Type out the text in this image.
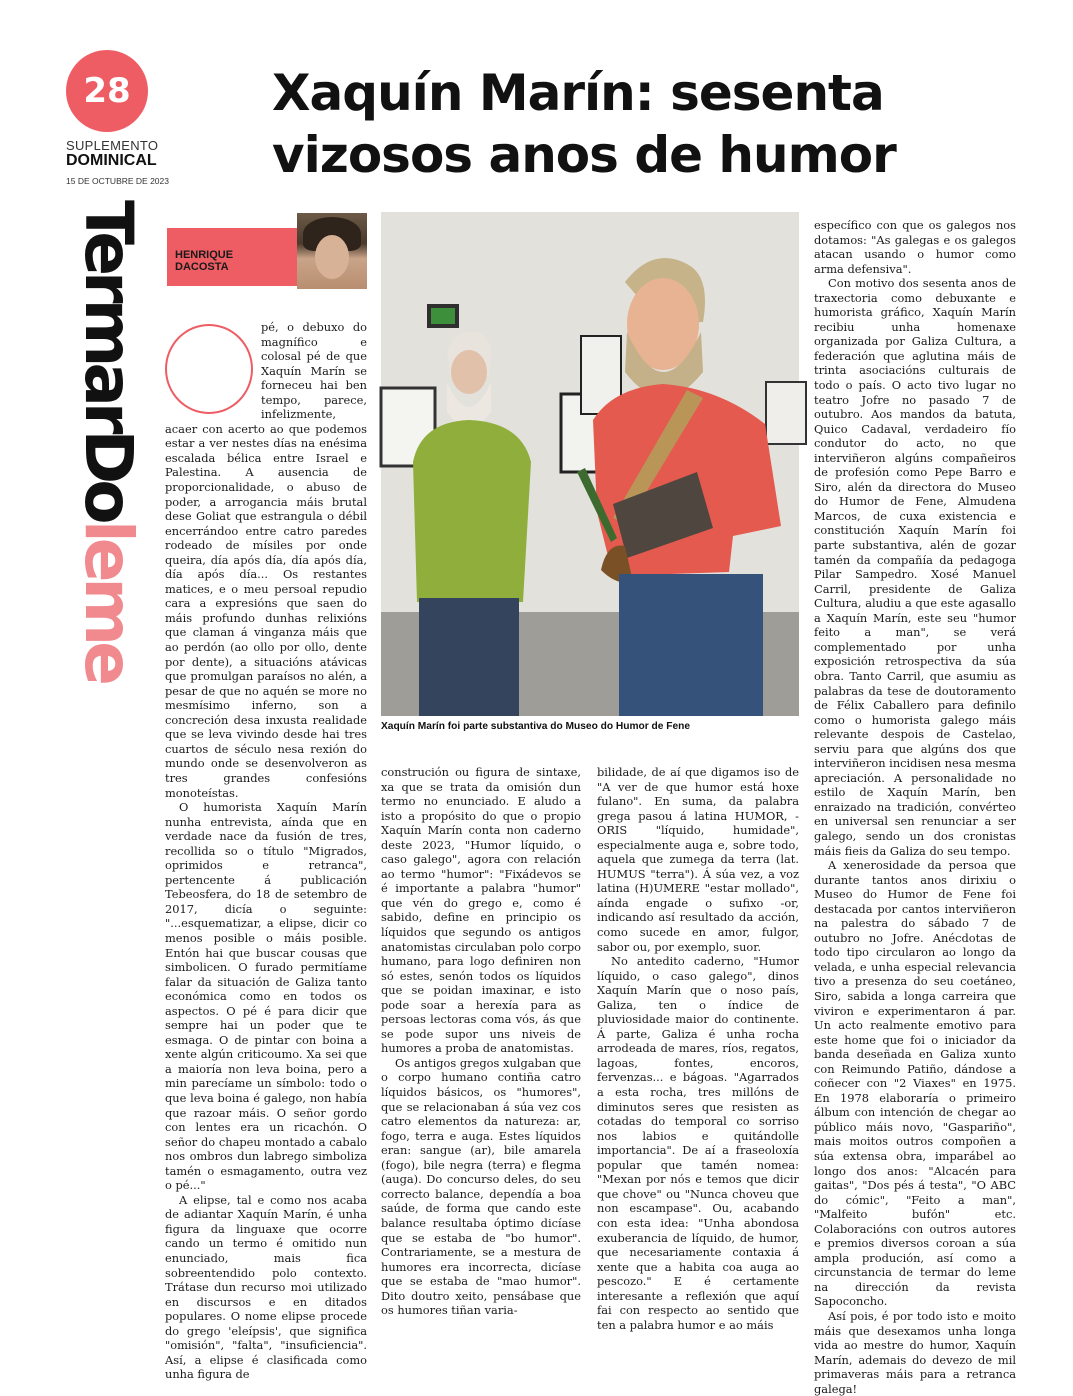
28
SUPLEMENTO
DOMINICAL
15 DE OCTUBRE DE 2023
Xaquín Marín: sesenta
vizosos anos de humor
TermarDo
leme
HENRIQUE
DACOSTA

pé, o debuxo do magnífico e colosal pé de que Xaquín Marín se forneceu hai ben tempo, parece, infelizmente, acaer con acerto ao que podemos estar a ver nestes días na enésima escalada bélica entre Israel e Palestina. A ausencia de proporcionalidade, o abuso de poder, a arrogancia máis brutal dese Goliat que estrangula o débil encerrándoo entre catro paredes rodeado de mísiles por onde queira, día após día, día após día, día após día... Os restantes matices, e o meu persoal repudio cara a expresións que saen do máis profundo dunhas relixións que claman á vinganza máis que ao perdón (ao ollo por ollo, dente por dente), a situacións atávicas que promulgan paraísos no alén, a pesar de que no aquén se more no mesmísimo inferno, son a concreción desa inxusta realidade que se leva vivindo desde hai tres cuartos de século nesa rexión do mundo onde se desenvolveron as tres grandes confesións monoteístas.

O humorista Xaquín Marín nunha entrevista, aínda que en verdade nace da fusión de tres, recollida so o título "Migrados, oprimidos e retranca", pertencente á publicación Tebeosfera, do 18 de setembro de 2017, dicía o seguinte: "...esquematizar, a elipse, dicir co menos posible o máis posible. Entón hai que buscar cousas que simbolicen. O furado permitíame falar da situación de Galiza tanto económica como en todos os aspectos. O pé é para dicir que sempre hai un poder que te esmaga. O de pintar con boina a xente algún criticoumo. Xa sei que a maioría non leva boina, pero a min parecíame un símbolo: todo o que leva boina é galego, non había que razoar máis. O señor gordo con lentes era un ricachón. O señor do chapeu montado a cabalo nos ombros dun labrego simboliza tamén o esmagamento, outra vez o pé..."

A elipse, tal e como nos acaba de adiantar Xaquín Marín, é unha figura da linguaxe que ocorre cando un termo é omitido nun enunciado, mais fica sobreentendido polo contexto. Trátase dun recurso moi utilizado en discursos e en ditados populares. O nome elipse procede do grego 'eleípsis', que significa "omisión", "falta", "insuficiencia". Así, a elipse é clasificada como unha figura de

Xaquín Marín foi parte substantiva do Museo do Humor de Fene

construción ou figura de sintaxe, xa que se trata da omisión dun termo no enunciado. E aludo a isto a propósito do que o propio Xaquín Marín conta non caderno deste 2023, "Humor líquido, o caso galego", agora con relación ao termo "humor": "Fixádevos se é importante a palabra "humor" que vén do grego e, como é sabido, define en principio os líquidos que segundo os antigos anatomistas circulaban polo corpo humano, para logo definiren non só estes, senón todos os líquidos que se poidan imaxinar, e isto pode soar a herexía para as persoas lectoras coma vós, ás que se pode supor uns niveis de humores a proba de anatomistas.

Os antigos gregos xulgaban que o corpo humano contiña catro líquidos básicos, os "humores", que se relacionaban á súa vez cos catro elementos da natureza: ar, fogo, terra e auga. Estes líquidos eran: sangue (ar), bile amarela (fogo), bile negra (terra) e flegma (auga). Do concurso deles, do seu correcto balance, dependía a boa saúde, de forma que cando este balance resultaba óptimo dicíase que se estaba de "bo humor". Contrariamente, se a mestura de humores era incorrecta, dicíase que se estaba de "mao humor". Dito doutro xeito, pensábase que os humores tiñan varia-

bilidade, de aí que digamos iso de "A ver de que humor está hoxe fulano". En suma, da palabra grega pasou á latina HUMOR, -ORIS "líquido, humidade", especialmente auga e, sobre todo, aquela que zumega da terra (lat. HUMUS "terra"). Á súa vez, a voz latina (H)UMERE "estar mollado", aínda engade o sufixo -or, indicando así resultado da acción, como sucede en amor, fulgor, sabor ou, por exemplo, suor.

No antedito caderno, "Humor líquido, o caso galego", dinos Xaquín Marín que o noso país, Galiza, ten o índice de pluviosidade maior do continente. Á parte, Galiza é unha rocha arrodeada de mares, ríos, regatos, lagoas, fontes, encoros, fervenzas... e bágoas. "Agarrados a esta rocha, tres millóns de diminutos seres que resisten as cotadas do temporal co sorriso nos labios e quitándolle importancia". De aí a fraseoloxía popular que tamén nomea: "Mexan por nós e temos que dicir que chove" ou "Nunca choveu que non escampase". Ou, acabando con esta idea: "Unha abondosa exuberancia de líquido, de humor, que necesariamente contaxia á xente que a habita coa auga ao pescozo." E é certamente interesante a reflexión que aquí fai con respecto ao sentido que ten a palabra humor e ao máis

específico con que os galegos nos dotamos: "As galegas e os galegos atacan usando o humor como arma defensiva".

Con motivo dos sesenta anos de traxectoria como debuxante e humorista gráfico, Xaquín Marín recibiu unha homenaxe organizada por Galiza Cultura, a federación que aglutina máis de trinta asociacións culturais de todo o país. O acto tivo lugar no teatro Jofre no pasado 7 de outubro. Aos mandos da batuta, Quico Cadaval, verdadeiro fío condutor do acto, no que interviñeron algúns compañeiros de profesión como Pepe Barro e Siro, alén da directora do Museo do Humor de Fene, Almudena Marcos, de cuxa existencia e constitución Xaquín Marín foi parte substantiva, alén de gozar tamén da compañía da pedagoga Pilar Sampedro. Xosé Manuel Carril, presidente de Galiza Cultura, aludiu a que este agasallo a Xaquín Marín, este seu "humor feito a man", se verá complementado por unha exposición retrospectiva da súa obra. Tanto Carril, que asumiu as palabras da tese de doutoramento de Félix Caballero para definilo como o humorista galego máis relevante despois de Castelao, serviu para que algúns dos que interviñeron incidisen nesa mesma apreciación. A personalidade no estilo de Xaquín Marín, ben enraizado na tradición, convérteo en universal sen renunciar a ser galego, sendo un dos cronistas máis fieis da Galiza do seu tempo.

A xenerosidade da persoa que durante tantos anos dirixiu o Museo do Humor de Fene foi destacada por cantos interviñeron na palestra do sábado 7 de outubro no Jofre. Anécdotas de todo tipo circularon ao longo da velada, e unha especial relevancia tivo a presenza do seu coetáneo, Siro, sabida a longa carreira que viviron e experimentaron á par. Un acto realmente emotivo para este home que foi o iniciador da banda deseñada en Galiza xunto con Reimundo Patiño, dándose a coñecer con "2 Viaxes" en 1975. En 1978 elaboraría o primeiro álbum con intención de chegar ao público máis novo, "Gaspariño", mais moitos outros compoñen a súa extensa obra, imparábel ao longo dos anos: "Alcacén para gaitas", "Dos pés á testa", "O ABC do cómic", "Feito a man", "Malfeito bufón" etc. Colaboracións con outros autores e premios diversos coroan a súa ampla produción, así como a circunstancia de termar do leme na dirección da revista Sapoconcho.

Así pois, é por todo isto e moito máis que desexamos unha longa vida ao mestre do humor, Xaquín Marín, ademais do devezo de mil primaveras máis para a retranca galega!
